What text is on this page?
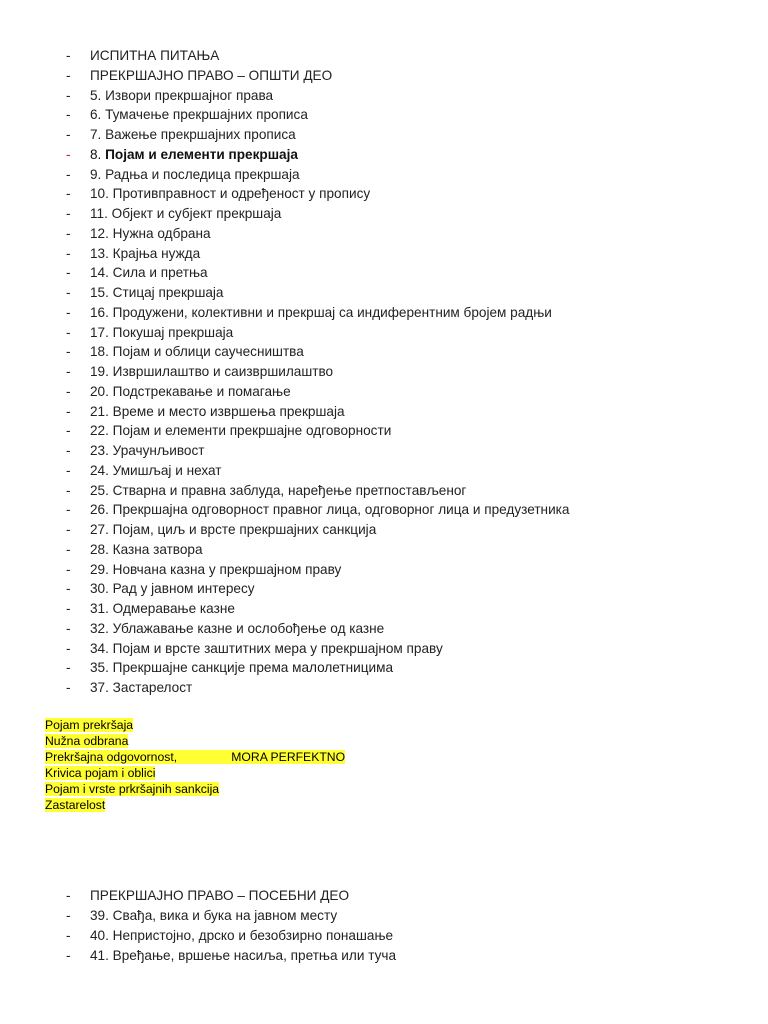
- ИСПИТНА ПИТАЊА
- ПРЕКРШАЈНО ПРАВО – ОПШТИ ДЕО
- 5. Извори прекршајног права
- 6. Тумачење прекршајних прописа
- 7. Важење прекршајних прописа
- 8. Појам и елементи прекршаја
- 9. Радња и последица прекршаја
- 10. Противправност и одређеност у пропису
- 11. Објект и субјект прекршаја
- 12. Нужна одбрана
- 13. Крајња нужда
- 14. Сила и претња
- 15. Стицај прекршаја
- 16. Продужени, колективни и прекршај са индиферентним бројем радњи
- 17. Покушај прекршаја
- 18. Појам и облици саучесништва
- 19. Извршилаштво и саизвршилаштво
- 20. Подстрекавање и помагање
- 21. Време и место извршења прекршаја
- 22. Појам и елементи прекршајне одговорности
- 23. Урачунљивост
- 24. Умишљај и нехат
- 25. Стварна и правна заблуда, наређење претпостављеног
- 26. Прекршајна одговорност правног лица, одговорног лица и предузетника
- 27. Појам, циљ и врсте прекршајних санкција
- 28. Казна затвора
- 29. Новчана казна у прекршајном праву
- 30. Рад у јавном интересу
- 31. Одмеравање казне
- 32. Ублажавање казне и ослобођење од казне
- 34. Појам и врсте заштитних мера у прекршајном праву
- 35. Прекршајне санкције према малолетницима
- 37. Застарелост
Pojam prekršaja
Nužna odbrana
Prekršajna odgovornost,                MORA PERFEKTNO
Krivica pojam i oblici
Pojam i vrste prkršajnih sankcija
Zastarelost
- ПРЕКРШАЈНО ПРАВО – ПОСЕБНИ ДЕО
- 39. Свађа, вика и бука на јавном месту
- 40. Непристојно, дрско и безобзирно понашање
- 41. Вређање, вршење насиља, претња или туча
